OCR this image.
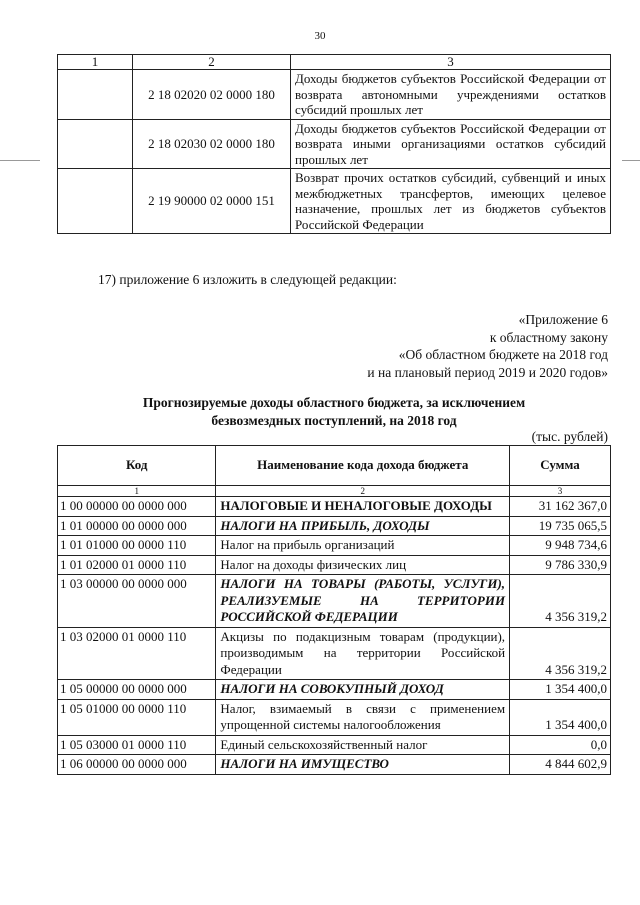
30
1	2	3
	2 18 02020 02 0000 180	Доходы бюджетов субъектов Российской Федерации от возврата автономными учреждениями остатков субсидий прошлых лет
	2 18 02030 02 0000 180	Доходы бюджетов субъектов Российской Федерации от возврата иными организациями остатков субсидий прошлых лет
	2 19 90000 02 0000 151	Возврат прочих остатков субсидий, субвенций и иных межбюджетных трансфертов, имеющих целевое назначение, прошлых лет из бюджетов субъектов Российской Федерации
17) приложение 6 изложить в следующей редакции:
«Приложение 6
к областному закону
«Об областном бюджете на 2018 год
и на плановый период 2019 и 2020 годов»
Прогнозируемые доходы областного бюджета, за исключением
безвозмездных поступлений, на 2018 год
(тыс. рублей)
Код	Наименование кода дохода бюджета	Сумма
1	2	3
1 00 00000 00 0000 000	НАЛОГОВЫЕ И НЕНАЛОГОВЫЕ ДОХОДЫ	31 162 367,0
1 01 00000 00 0000 000	НАЛОГИ НА ПРИБЫЛЬ, ДОХОДЫ	19 735 065,5
1 01 01000 00 0000 110	Налог на прибыль организаций	9 948 734,6
1 01 02000 01 0000 110	Налог на доходы физических лиц	9 786 330,9
1 03 00000 00 0000 000	НАЛОГИ НА ТОВАРЫ (РАБОТЫ, УСЛУГИ), РЕАЛИЗУЕМЫЕ НА ТЕРРИТОРИИ РОССИЙСКОЙ ФЕДЕРАЦИИ	4 356 319,2
1 03 02000 01 0000 110	Акцизы по подакцизным товарам (продукции), производимым на территории Российской Федерации	4 356 319,2
1 05 00000 00 0000 000	НАЛОГИ НА СОВОКУПНЫЙ ДОХОД	1 354 400,0
1 05 01000 00 0000 110	Налог, взимаемый в связи с применением упрощенной системы налогообложения	1 354 400,0
1 05 03000 01 0000 110	Единый сельскохозяйственный налог	0,0
1 06 00000 00 0000 000	НАЛОГИ НА ИМУЩЕСТВО	4 844 602,9
